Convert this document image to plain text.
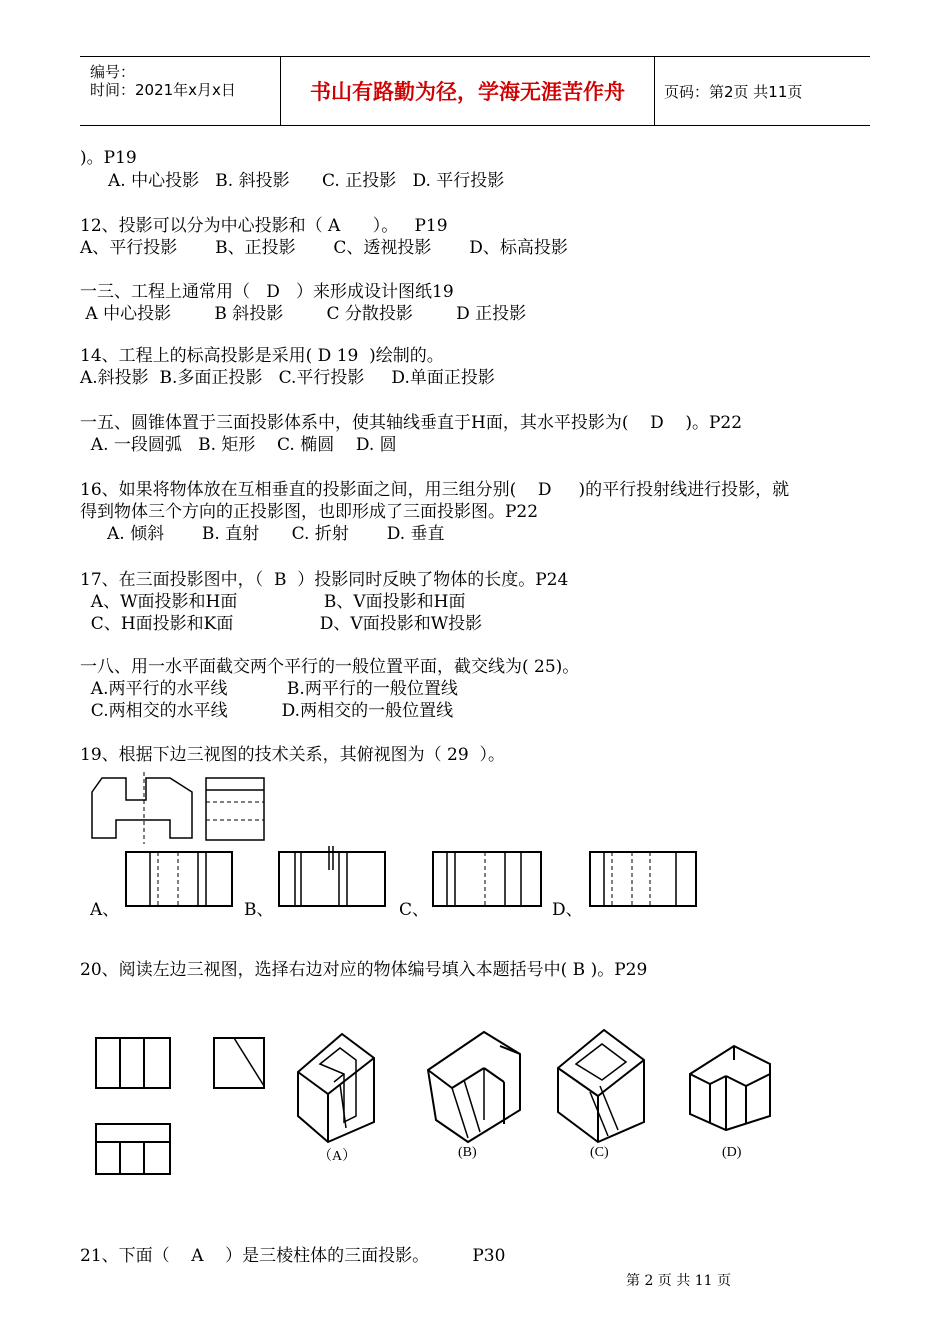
编号：
时间：2021年x月x日	书山有路勤为径，学海无涯苦作舟	页码：第2页 共11页
)。P19
A. 中心投影   B. 斜投影      C. 正投影   D. 平行投影
12、投影可以分为中心投影和（ A      ）。   P19
A、平行投影       B、正投影       C、透视投影       D、标高投影
一三、工程上通常用（   D   ）来形成设计图纸19
A 中心投影        B 斜投影        C 分散投影        D 正投影
14、工程上的标高投影是采用( D 19  )绘制的。
A.斜投影  B.多面正投影   C.平行投影     D.单面正投影
一五、圆锥体置于三面投影体系中，使其轴线垂直于H面，其水平投影为(    D    )。P22
A. 一段圆弧   B. 矩形    C. 椭圆    D. 圆
16、如果将物体放在互相垂直的投影面之间，用三组分别(    D     )的平行投射线进行投影，就
得到物体三个方向的正投影图，也即形成了三面投影图。P22
A. 倾斜       B. 直射      C. 折射       D. 垂直
17、在三面投影图中，（  B  ）投影同时反映了物体的长度。P24
A、W面投影和H面                B、V面投影和H面
C、H面投影和K面                D、V面投影和W投影
一八、用一水平面截交两个平行的一般位置平面，截交线为( 25)。
A.两平行的水平线           B.两平行的一般位置线
C.两相交的水平线          D.两相交的一般位置线
19、根据下边三视图的技术关系，其俯视图为（ 29  ）。
A、	B、	C、	D、
20、阅读左边三视图，选择右边对应的物体编号填入本题括号中( B )。P29
（A）	(B)	(C)	(D)
21、下面（    A    ）是三棱柱体的三面投影。        P30
第 2 页 共 11 页
